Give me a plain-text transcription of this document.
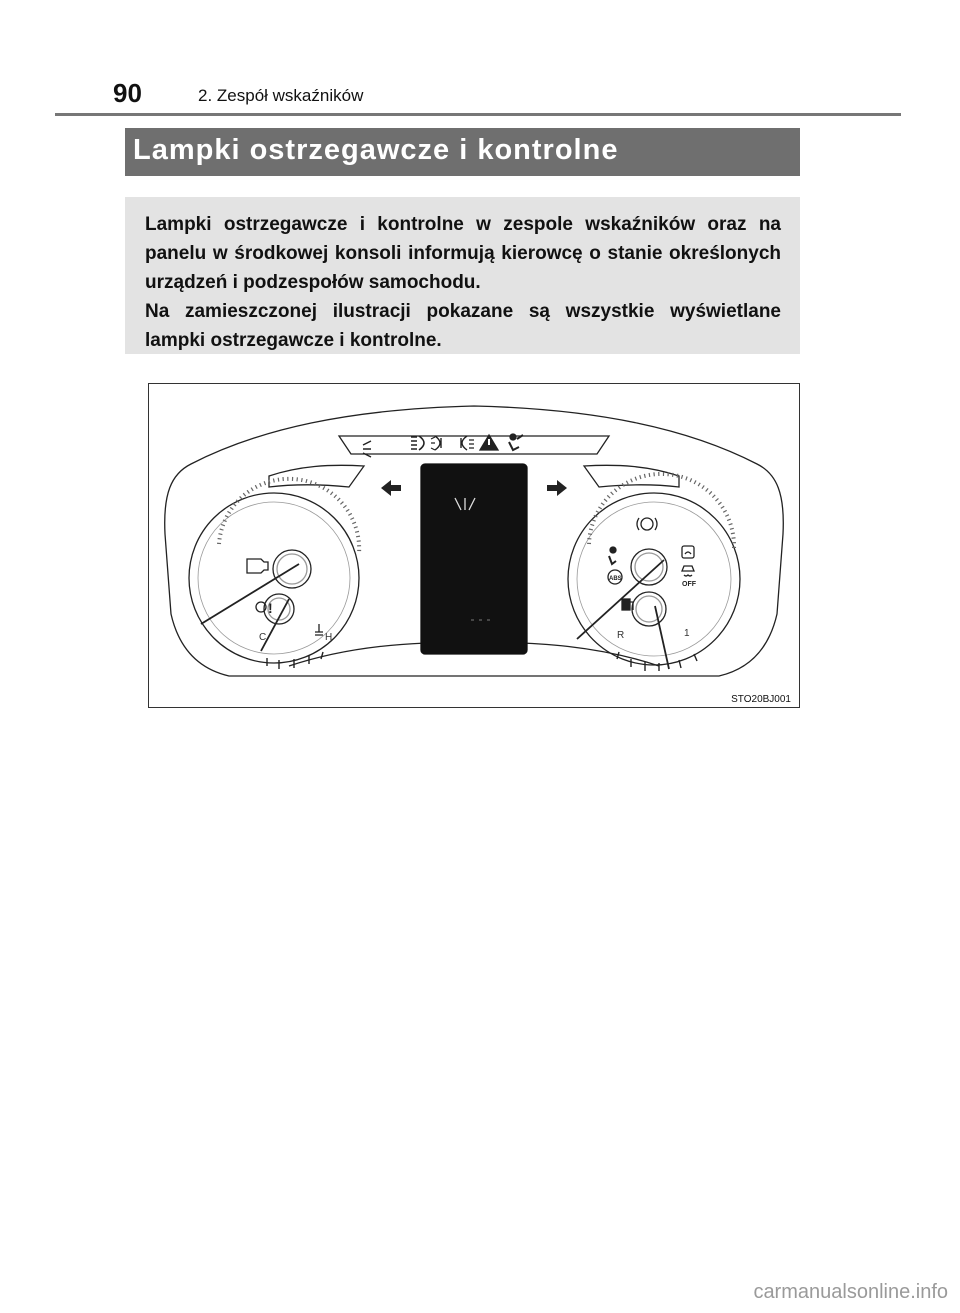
90	2. Zespół wskaźników
Lampki ostrzegawcze i kontrolne

Lampki ostrzegawcze i kontrolne w zespole wskaźników oraz na panelu w środkowej konsoli informują kierowcę o stanie określonych urządzeń i podzespołów samochodu.

Na zamieszczonej ilustracji pokazane są wszystkie wyświetlane lampki ostrzegawcze i kontrolne.

!
C	H
ABS
OFF
R	1
STO20BJ001
carmanualsonline.info
